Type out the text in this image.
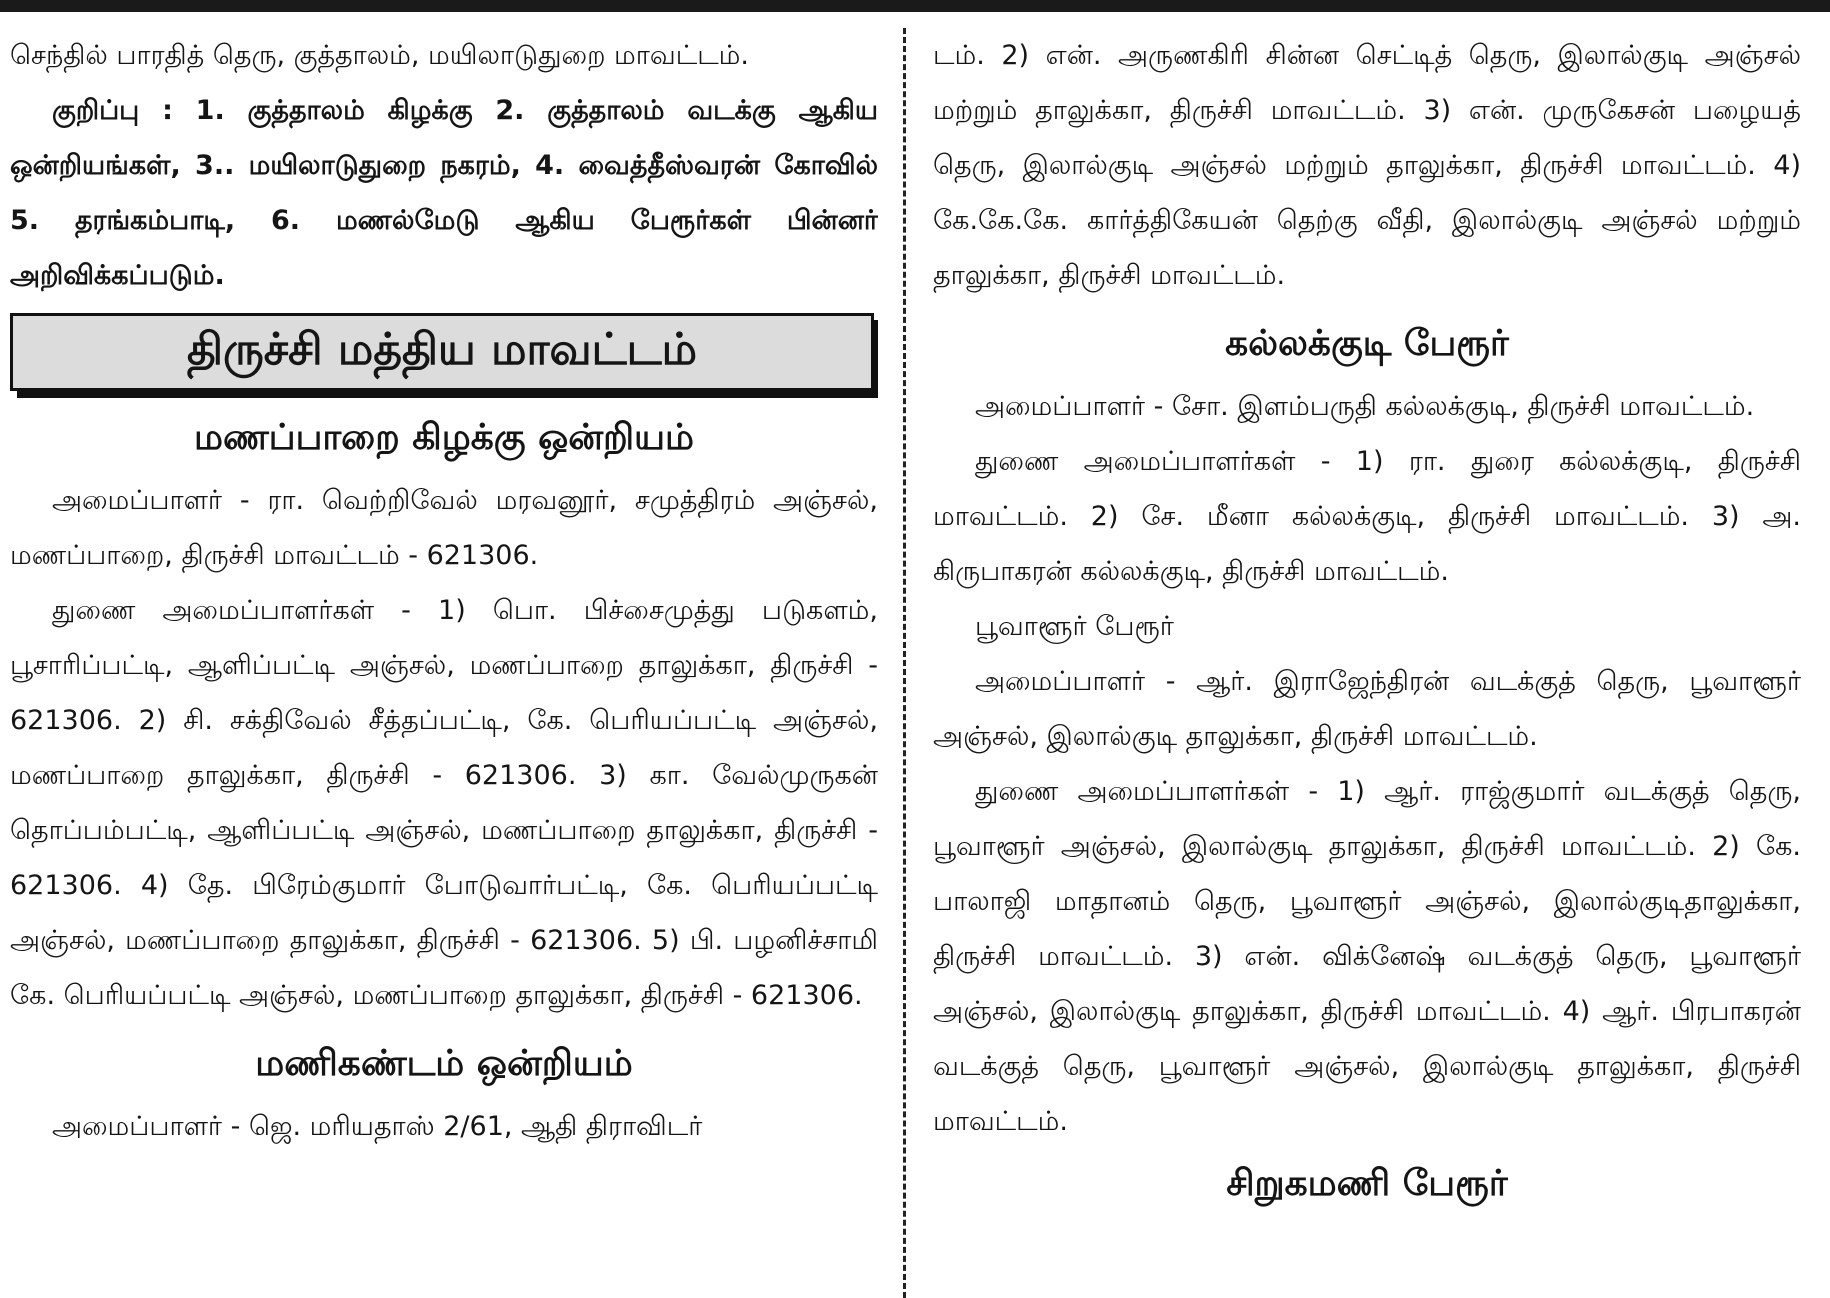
செந்தில் பாரதித் தெரு, குத்தாலம், மயிலாடுதுறை மாவட்டம்.

குறிப்பு : 1. குத்தாலம் கிழக்கு 2. குத்தாலம் வடக்கு ஆகிய ஒன்றியங்கள், 3.. மயிலாடுதுறை நகரம், 4. வைத்தீஸ்வரன் கோவில் 5. தரங்கம்பாடி, 6. மணல்மேடு ஆகிய பேரூர்கள் பின்னர் அறிவிக்கப்படும்.

திருச்சி மத்திய மாவட்டம்
மணப்பாறை கிழக்கு ஒன்றியம்

அமைப்பாளர் - ரா. வெற்றிவேல் மரவனூர், சமுத்திரம் அஞ்சல், மணப்பாறை, திருச்சி மாவட்டம் - 621306.

துணை அமைப்பாளர்கள் - 1) பொ. பிச்சைமுத்து படுகளம், பூசாரிப்பட்டி, ஆளிப்பட்டி அஞ்சல், மணப்பாறை தாலுக்கா, திருச்சி - 621306. 2) சி. சக்திவேல் சீத்தப்பட்டி, கே. பெரியப்பட்டி அஞ்சல், மணப்பாறை தாலுக்கா, திருச்சி - 621306. 3) கா. வேல்முருகன் தொப்பம்பட்டி, ஆளிப்பட்டி அஞ்சல், மணப்பாறை தாலுக்கா, திருச்சி - 621306. 4) தே. பிரேம்குமார் போடுவார்பட்டி, கே. பெரியப்பட்டி அஞ்சல், மணப்பாறை தாலுக்கா, திருச்சி - 621306. 5) பி. பழனிச்சாமி கே. பெரியப்பட்டி அஞ்சல், மணப்பாறை தாலுக்கா, திருச்சி - 621306.

மணிகண்டம் ஒன்றியம்

அமைப்பாளர் - ஜெ. மரியதாஸ் 2/61, ஆதி திராவிடர்

டம். 2) என். அருணகிரி சின்ன செட்டித் தெரு, இலால்குடி அஞ்சல் மற்றும் தாலுக்கா, திருச்சி மாவட்டம். 3) என். முருகேசன் பழையத் தெரு, இலால்குடி அஞ்சல் மற்றும் தாலுக்கா, திருச்சி மாவட்டம். 4) கே.கே.கே. கார்த்திகேயன் தெற்கு வீதி, இலால்குடி அஞ்சல் மற்றும் தாலுக்கா, திருச்சி மாவட்டம்.

கல்லக்குடி பேரூர்

அமைப்பாளர் - சோ. இளம்பருதி கல்லக்குடி, திருச்சி மாவட்டம்.

துணை அமைப்பாளர்கள் - 1) ரா. துரை கல்லக்குடி, திருச்சி மாவட்டம். 2) சே. மீனா கல்லக்குடி, திருச்சி மாவட்டம். 3) அ. கிருபாகரன் கல்லக்குடி, திருச்சி மாவட்டம்.

பூவாளூர் பேரூர்

அமைப்பாளர் - ஆர். இராஜேந்திரன் வடக்குத் தெரு, பூவாளூர் அஞ்சல், இலால்குடி தாலுக்கா, திருச்சி மாவட்டம்.

துணை அமைப்பாளர்கள் - 1) ஆர். ராஜ்குமார் வடக்குத் தெரு, பூவாளூர் அஞ்சல், இலால்குடி தாலுக்கா, திருச்சி மாவட்டம். 2) கே. பாலாஜி மாதானம் தெரு, பூவாளூர் அஞ்சல், இலால்குடிதாலுக்கா, திருச்சி மாவட்டம். 3) என். விக்னேஷ் வடக்குத் தெரு, பூவாளூர் அஞ்சல், இலால்குடி தாலுக்கா, திருச்சி மாவட்டம். 4) ஆர். பிரபாகரன் வடக்குத் தெரு, பூவாளூர் அஞ்சல், இலால்குடி தாலுக்கா, திருச்சி மாவட்டம்.

சிறுகமணி பேரூர்
